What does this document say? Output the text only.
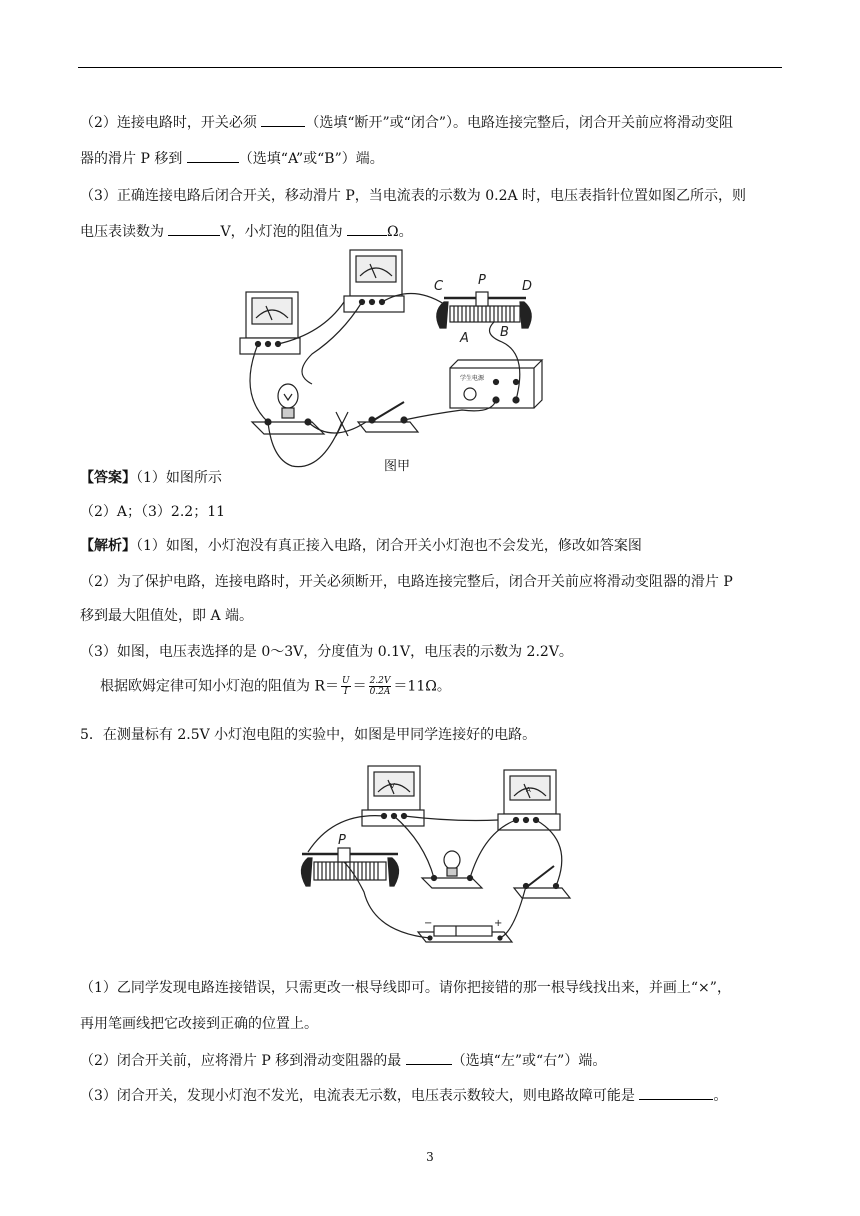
（2）连接电路时，开关必须	（选填“断开”或“闭合”）。电路连接完整后，闭合开关前应将滑动变阻
器的滑片 P 移到	（选填“A”或“B”）端。
（3）正确连接电路后闭合开关，移动滑片 P，当电流表的示数为 0.2A 时，电压表指针位置如图乙所示，则
电压表读数为	V，小灯泡的阻值为	Ω。
C	P	D
A B
学生电源
图甲
【答案】（1）如图所示
（2）A；（3）2.2；11
【解析】（1）如图，小灯泡没有真正接入电路，闭合开关小灯泡也不会发光，修改如答案图
（2）为了保护电路，连接电路时，开关必须断开，电路连接完整后，闭合开关前应将滑动变阻器的滑片 P
移到最大阻值处，即 A 端。
（3）如图，电压表选择的是 0～3V，分度值为 0.1V，电压表的示数为 2.2V。
根据欧姆定律可知小灯泡的阻值为 $R= \frac{U}{I} = \frac{2.2V}{0.2A} =11\Omega$。
5．在测量标有 2.5V 小灯泡电阻的实验中，如图是甲同学连接好的电路。
P
V	A
−	+
（1）乙同学发现电路连接错误，只需更改一根导线即可。请你把接错的那一根导线找出来，并画上“×”，
再用笔画线把它改接到正确的位置上。
（2）闭合开关前，应将滑片 P 移到滑动变阻器的最	（选填“左”或“右”）端。
（3）闭合开关，发现小灯泡不发光，电流表无示数，电压表示数较大，则电路故障可能是	。
3
